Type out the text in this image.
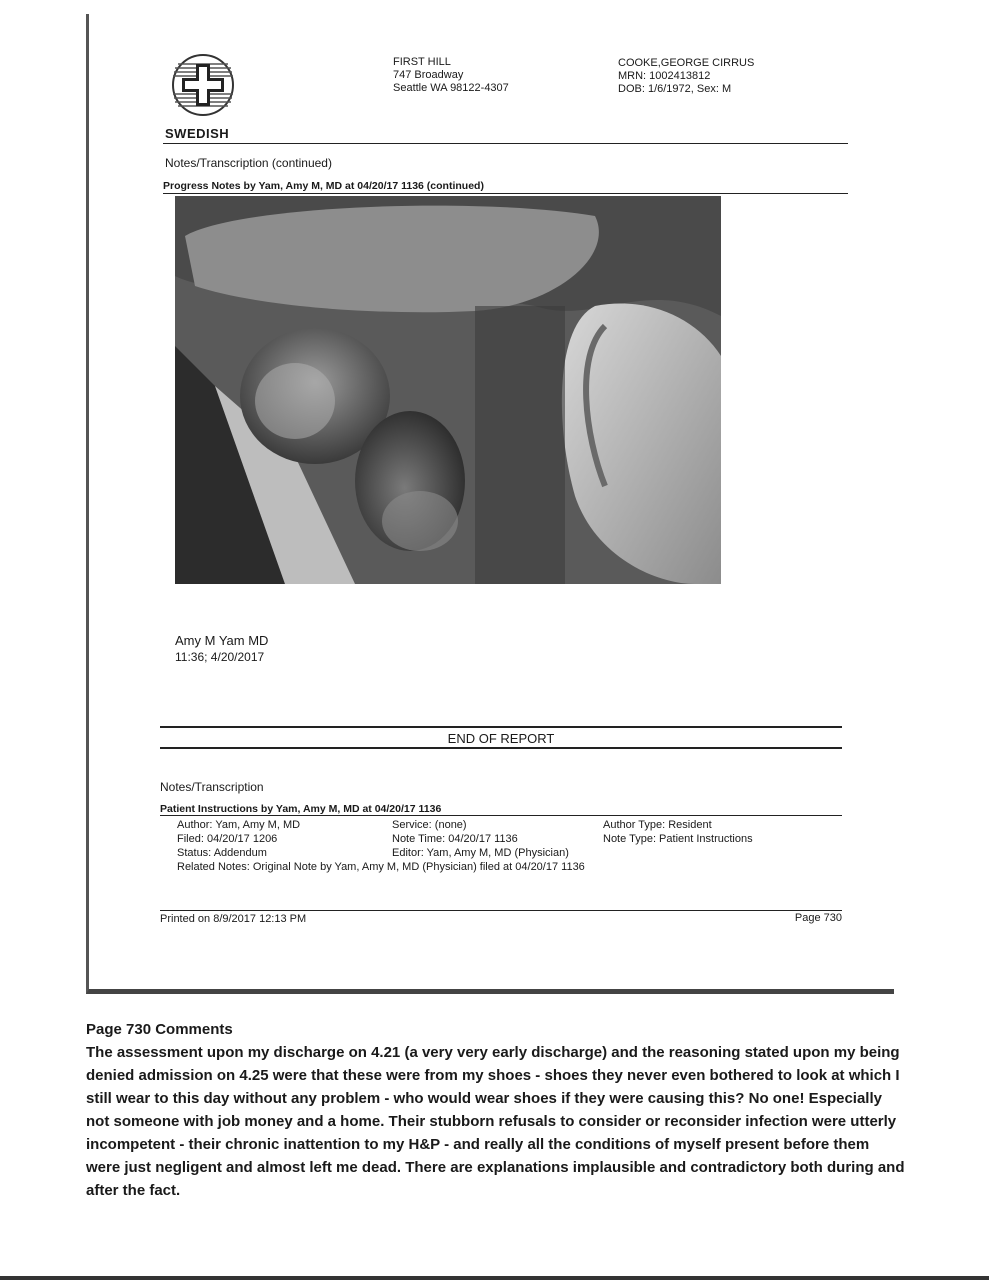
SWEDISH
FIRST HILL
747 Broadway
Seattle WA 98122-4307
COOKE,GEORGE CIRRUS
MRN: 1002413812
DOB: 1/6/1972, Sex: M
Notes/Transcription (continued)
Progress Notes by Yam, Amy M, MD at 04/20/17 1136 (continued)
Amy M Yam MD
11:36; 4/20/2017
END OF REPORT
Notes/Transcription
Patient Instructions by Yam, Amy M, MD at 04/20/17 1136
Author: Yam, Amy M, MD
Filed: 04/20/17 1206
Status: Addendum
Related Notes: Original Note by Yam, Amy M, MD (Physician) filed at 04/20/17 1136
Service: (none)
Note Time: 04/20/17 1136
Editor: Yam, Amy M, MD (Physician)
Author Type: Resident
Note Type: Patient Instructions
Printed on 8/9/2017 12:13 PM	Page 730

Page 730 Comments

The assessment upon my discharge on 4.21 (a very very early discharge) and the reasoning stated upon my being denied admission on 4.25 were that these were from my shoes - shoes they never even bothered to look at which I still wear to this day without any problem - who would wear shoes if they were causing this? No one! Especially not someone with job money and a home. Their stubborn refusals to consider or reconsider infection were utterly incompetent - their chronic inattention to my H&P - and really all the conditions of myself present before them were just negligent and almost left me dead. There are explanations implausible and contradictory both during and after the fact.
